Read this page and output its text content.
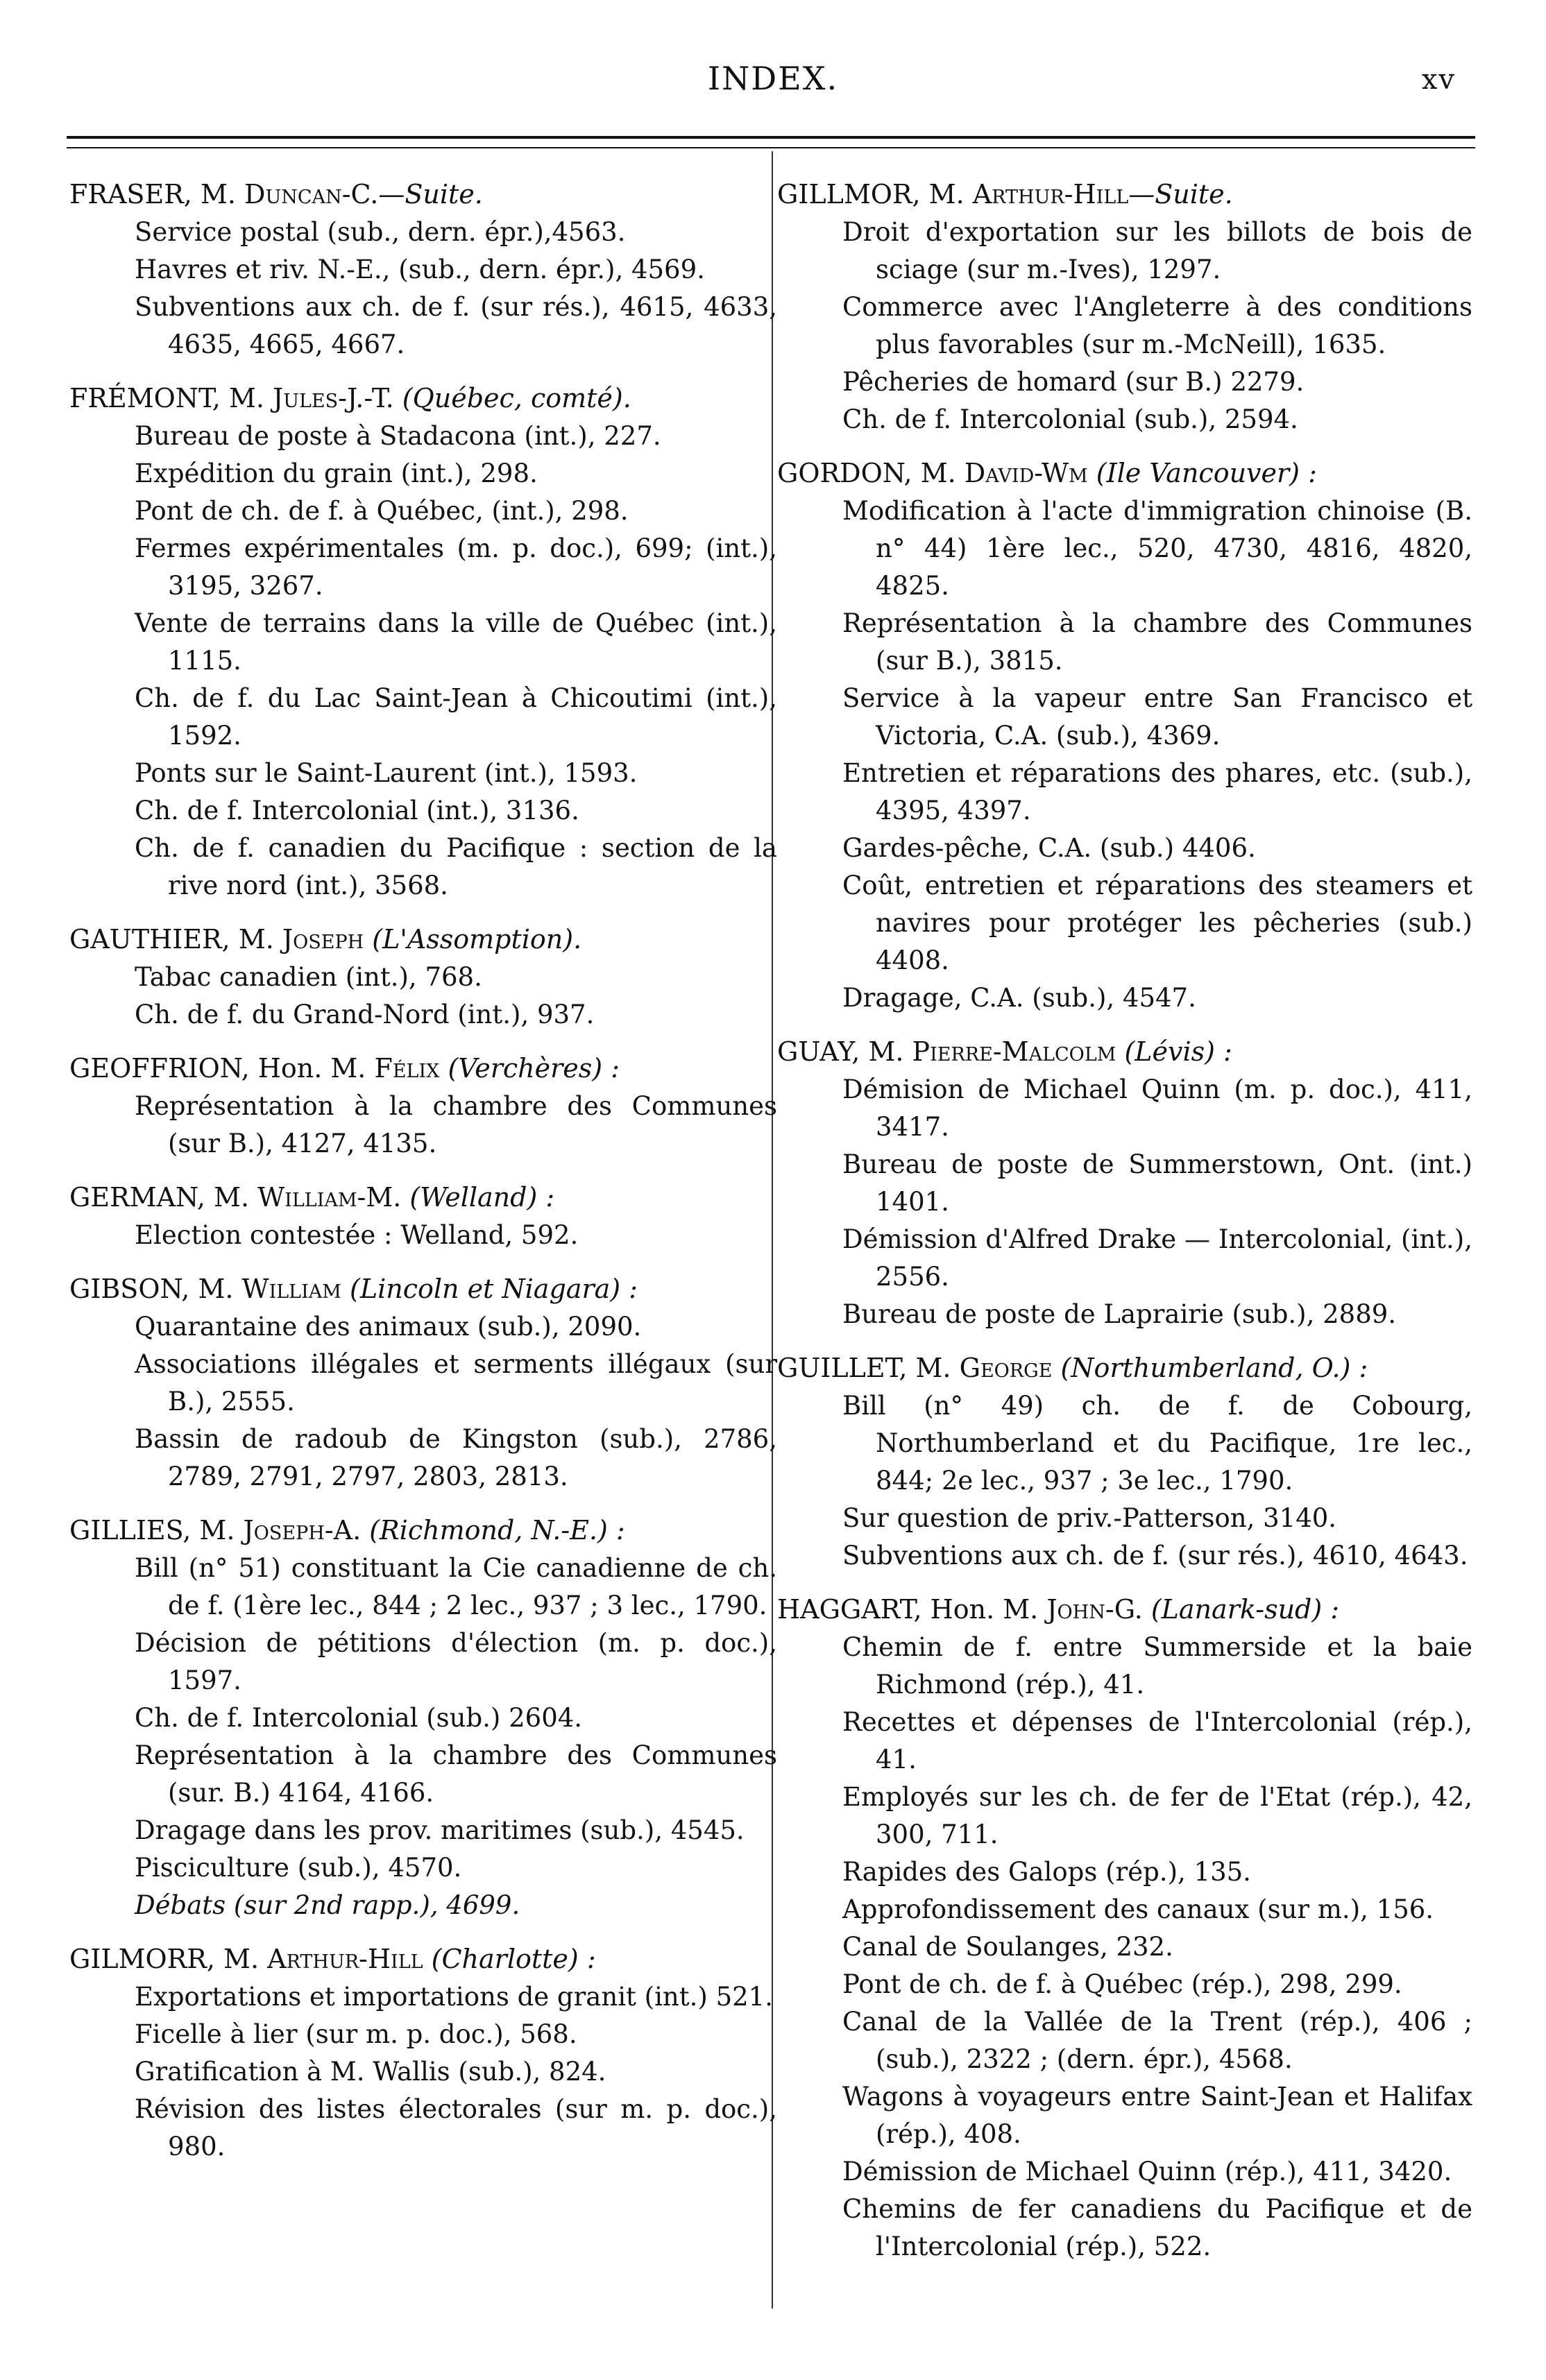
INDEX.	xv
FRASER, M. Duncan-C.—Suite.
Service postal (sub., dern. épr.),4563.
Havres et riv. N.-E., (sub., dern. épr.), 4569.
Subventions aux ch. de f. (sur rés.), 4615, 4633, 4635, 4665, 4667.
FRÉMONT, M. Jules-J.-T. (Québec, comté).
Bureau de poste à Stadacona (int.), 227.
Expédition du grain (int.), 298.
Pont de ch. de f. à Québec, (int.), 298.
Fermes expérimentales (m. p. doc.), 699; (int.), 3195, 3267.
Vente de terrains dans la ville de Québec (int.), 1115.
Ch. de f. du Lac Saint-Jean à Chicoutimi (int.), 1592.
Ponts sur le Saint-Laurent (int.), 1593.
Ch. de f. Intercolonial (int.), 3136.
Ch. de f. canadien du Pacifique : section de la rive nord (int.), 3568.
GAUTHIER, M. Joseph (L'Assomption).
Tabac canadien (int.), 768.
Ch. de f. du Grand-Nord (int.), 937.
GEOFFRION, Hon. M. Félix (Verchères) :
Représentation à la chambre des Communes (sur B.), 4127, 4135.
GERMAN, M. William-M. (Welland) :
Election contestée : Welland, 592.
GIBSON, M. William (Lincoln et Niagara) :
Quarantaine des animaux (sub.), 2090.
Associations illégales et serments illégaux (sur B.), 2555.
Bassin de radoub de Kingston (sub.), 2786, 2789, 2791, 2797, 2803, 2813.
GILLIES, M. Joseph-A. (Richmond, N.-E.) :
Bill (n° 51) constituant la Cie canadienne de ch. de f. (1ère lec., 844 ; 2 lec., 937 ; 3 lec., 1790.
Décision de pétitions d'élection (m. p. doc.), 1597.
Ch. de f. Intercolonial (sub.) 2604.
Représentation à la chambre des Communes (sur. B.) 4164, 4166.
Dragage dans les prov. maritimes (sub.), 4545.
Pisciculture (sub.), 4570.
Débats (sur 2nd rapp.), 4699.
GILMORR, M. Arthur-Hill (Charlotte) :
Exportations et importations de granit (int.) 521.
Ficelle à lier (sur m. p. doc.), 568.
Gratification à M. Wallis (sub.), 824.
Révision des listes électorales (sur m. p. doc.), 980.
GILLMOR, M. Arthur-Hill—Suite.
Droit d'exportation sur les billots de bois de sciage (sur m.-Ives), 1297.
Commerce avec l'Angleterre à des conditions plus favorables (sur m.-McNeill), 1635.
Pêcheries de homard (sur B.) 2279.
Ch. de f. Intercolonial (sub.), 2594.
GORDON, M. David-Wm (Ile Vancouver) :
Modification à l'acte d'immigration chinoise (B. n° 44) 1ère lec., 520, 4730, 4816, 4820, 4825.
Représentation à la chambre des Communes (sur B.), 3815.
Service à la vapeur entre San Francisco et Victoria, C.A. (sub.), 4369.
Entretien et réparations des phares, etc. (sub.), 4395, 4397.
Gardes-pêche, C.A. (sub.) 4406.
Coût, entretien et réparations des steamers et navires pour protéger les pêcheries (sub.) 4408.
Dragage, C.A. (sub.), 4547.
GUAY, M. Pierre-Malcolm (Lévis) :
Démision de Michael Quinn (m. p. doc.), 411, 3417.
Bureau de poste de Summerstown, Ont. (int.) 1401.
Démission d'Alfred Drake — Intercolonial, (int.), 2556.
Bureau de poste de Laprairie (sub.), 2889.
GUILLET, M. George (Northumberland, O.) :
Bill (n° 49) ch. de f. de Cobourg, Northumberland et du Pacifique, 1re lec., 844; 2e lec., 937 ; 3e lec., 1790.
Sur question de priv.-Patterson, 3140.
Subventions aux ch. de f. (sur rés.), 4610, 4643.
HAGGART, Hon. M. John-G. (Lanark-sud) :
Chemin de f. entre Summerside et la baie Richmond (rép.), 41.
Recettes et dépenses de l'Intercolonial (rép.), 41.
Employés sur les ch. de fer de l'Etat (rép.), 42, 300, 711.
Rapides des Galops (rép.), 135.
Approfondissement des canaux (sur m.), 156.
Canal de Soulanges, 232.
Pont de ch. de f. à Québec (rép.), 298, 299.
Canal de la Vallée de la Trent (rép.), 406 ; (sub.), 2322 ; (dern. épr.), 4568.
Wagons à voyageurs entre Saint-Jean et Halifax (rép.), 408.
Démission de Michael Quinn (rép.), 411, 3420.
Chemins de fer canadiens du Pacifique et de l'Intercolonial (rép.), 522.
